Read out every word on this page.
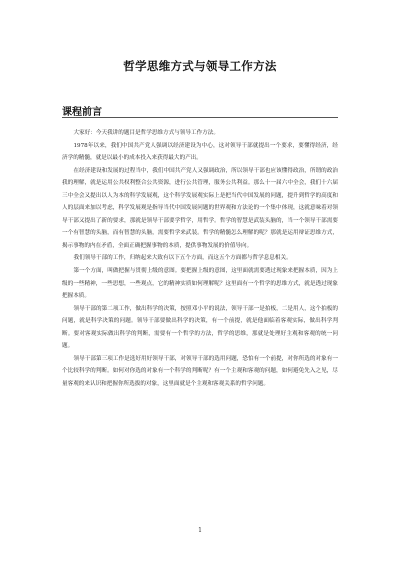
哲学思维方式与领导工作方法
课程前言

大家好：今天我讲的题目是哲学思维方式与领导工作方法。

1978年以来，我们中国共产党人强调以经济建设为中心，这对领导干部就提出一个要求，要懂得经济，经济学的精髓，就是以最小的成本投入来获得最大的产出。

在经济建设和发展的过程当中，我们中国共产党人又强调政治，所以领导干部也应该懂得政治，所谓的政治我的理解，就是运用公共权利整合公共资源，进行公共管理，服务公共利益。那么十一届六中全会，我们十六届三中全会又提出以人为本的科学发展观，这个科学发展观实际上是把当代中国发展的问题，提升到哲学的高度和人的层面来加以考虑，科学发展观是指导当代中国发展问题的世界观和方法论的一个集中体现，这就意味着对领导干部又提出了新的要求，那就是领导干部要学哲学，用哲学。哲学的智慧是武装头脑的，当一个领导干部需要一个有智慧的头脑，而有智慧的头脑，需要哲学来武装。哲学的精髓怎么理解的呢？那就是运用辩证思维方式，揭示事物的内在矛盾，全面正确把握事物的本质，提供事物发展的价值导向。

我们领导干部的工作，归纳起来大致有以下五个方面，而这五个方面都与哲学息息相关。

第一个方面，叫做把握与贯彻上级的意图。要把握上级的意图，这里面就需要透过现象来把握本质，因为上级的一些精神，一些思想，一些观点，它的精神实质如何理解呢？这里面有一个哲学的思维方式，就是透过现象把握本质。

领导干部的第二项工作，做出科学的决策，按照邓小平的说法，领导干部一是拍板，二是用人，这个拍板的问题，就是科学决策的问题。领导干部要做出科学的决策，有一个前提，就是他面临着客观实际，做出科学判断。要对客观实际做出科学的判断，需要有一个哲学的方法，哲学的思维，那就是处理好主观和客观的统一问题。

领导干部第三项工作是选好用好领导干部，对领导干部的选用问题，恐怕有一个前提，对你所选的对象有一个比较科学的判断。如何对你选的对象有一个科学的判断呢？有一个主观和客观的问题，如何避免先入之见，尽量客观的来认识和把握你所选拔的对象，这里面就是个主观和客观关系的哲学问题。

1
